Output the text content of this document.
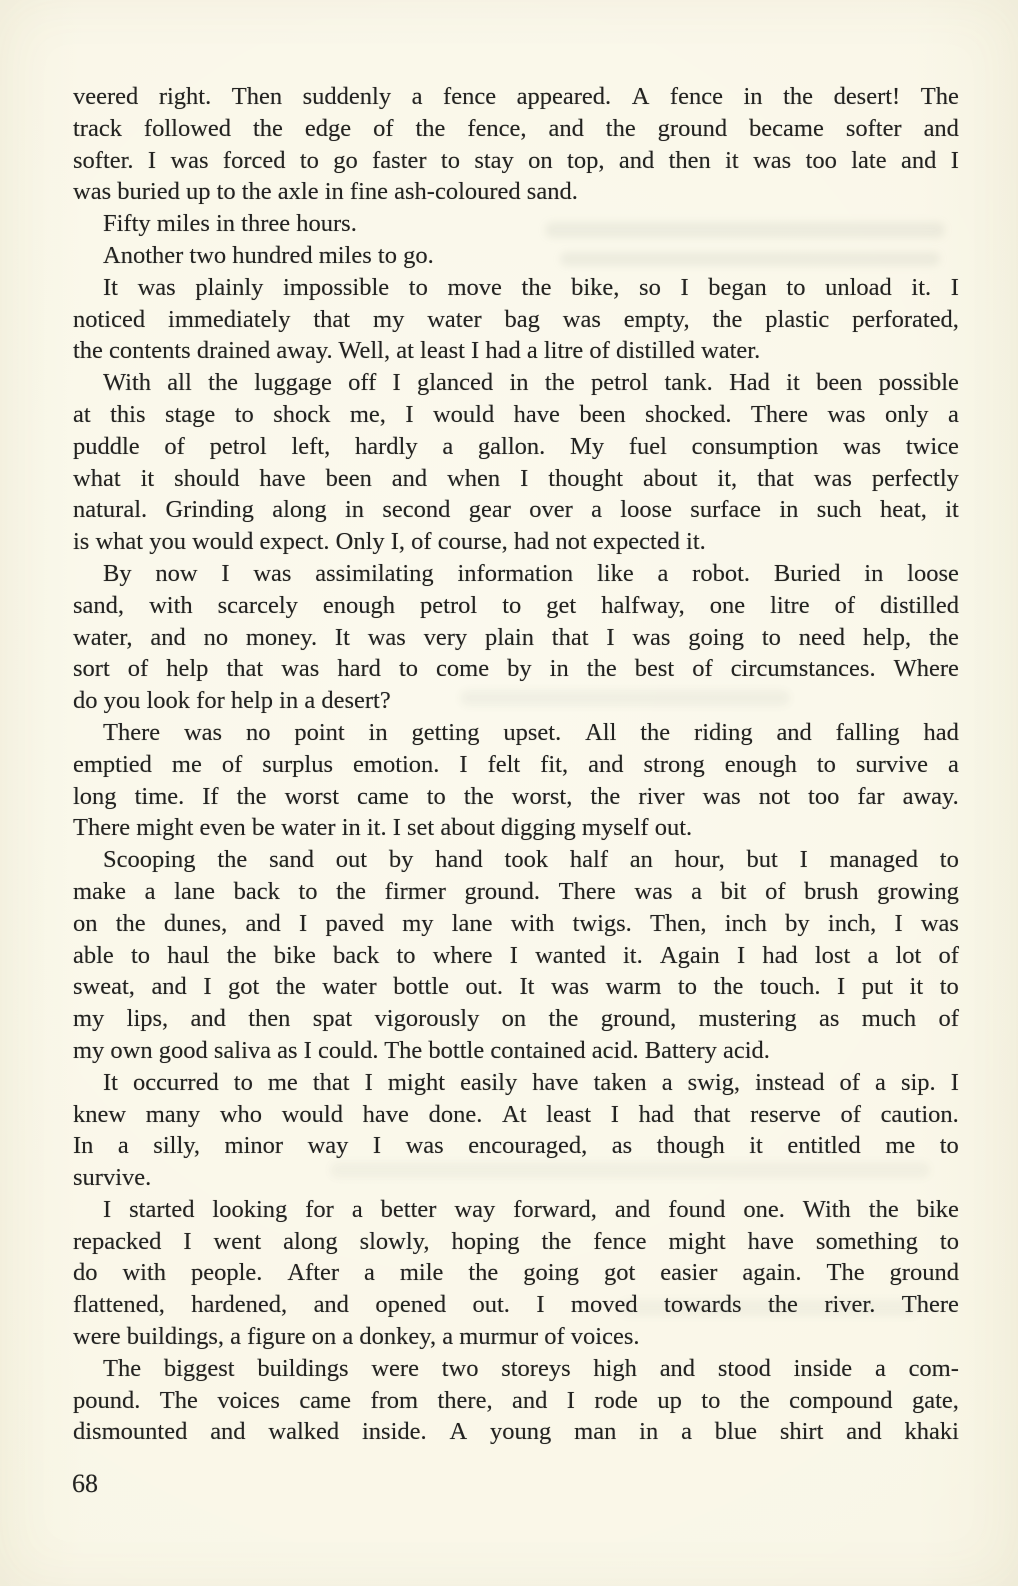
veered right. Then suddenly a fence appeared. A fence in the desert! The
track followed the edge of the fence, and the ground became softer and
softer. I was forced to go faster to stay on top, and then it was too late and I
was buried up to the axle in fine ash-coloured sand.
Fifty miles in three hours.
Another two hundred miles to go.
It was plainly impossible to move the bike, so I began to unload it. I
noticed immediately that my water bag was empty, the plastic perforated,
the contents drained away. Well, at least I had a litre of distilled water.
With all the luggage off I glanced in the petrol tank. Had it been possible
at this stage to shock me, I would have been shocked. There was only a
puddle of petrol left, hardly a gallon. My fuel consumption was twice
what it should have been and when I thought about it, that was perfectly
natural. Grinding along in second gear over a loose surface in such heat, it
is what you would expect. Only I, of course, had not expected it.
By now I was assimilating information like a robot. Buried in loose
sand, with scarcely enough petrol to get halfway, one litre of distilled
water, and no money. It was very plain that I was going to need help, the
sort of help that was hard to come by in the best of circumstances. Where
do you look for help in a desert?
There was no point in getting upset. All the riding and falling had
emptied me of surplus emotion. I felt fit, and strong enough to survive a
long time. If the worst came to the worst, the river was not too far away.
There might even be water in it. I set about digging myself out.
Scooping the sand out by hand took half an hour, but I managed to
make a lane back to the firmer ground. There was a bit of brush growing
on the dunes, and I paved my lane with twigs. Then, inch by inch, I was
able to haul the bike back to where I wanted it. Again I had lost a lot of
sweat, and I got the water bottle out. It was warm to the touch. I put it to
my lips, and then spat vigorously on the ground, mustering as much of
my own good saliva as I could. The bottle contained acid. Battery acid.
It occurred to me that I might easily have taken a swig, instead of a sip. I
knew many who would have done. At least I had that reserve of caution.
In a silly, minor way I was encouraged, as though it entitled me to
survive.
I started looking for a better way forward, and found one. With the bike
repacked I went along slowly, hoping the fence might have something to
do with people. After a mile the going got easier again. The ground
flattened, hardened, and opened out. I moved towards the river. There
were buildings, a figure on a donkey, a murmur of voices.
The biggest buildings were two storeys high and stood inside a com-
pound. The voices came from there, and I rode up to the compound gate,
dismounted and walked inside. A young man in a blue shirt and khaki
68
